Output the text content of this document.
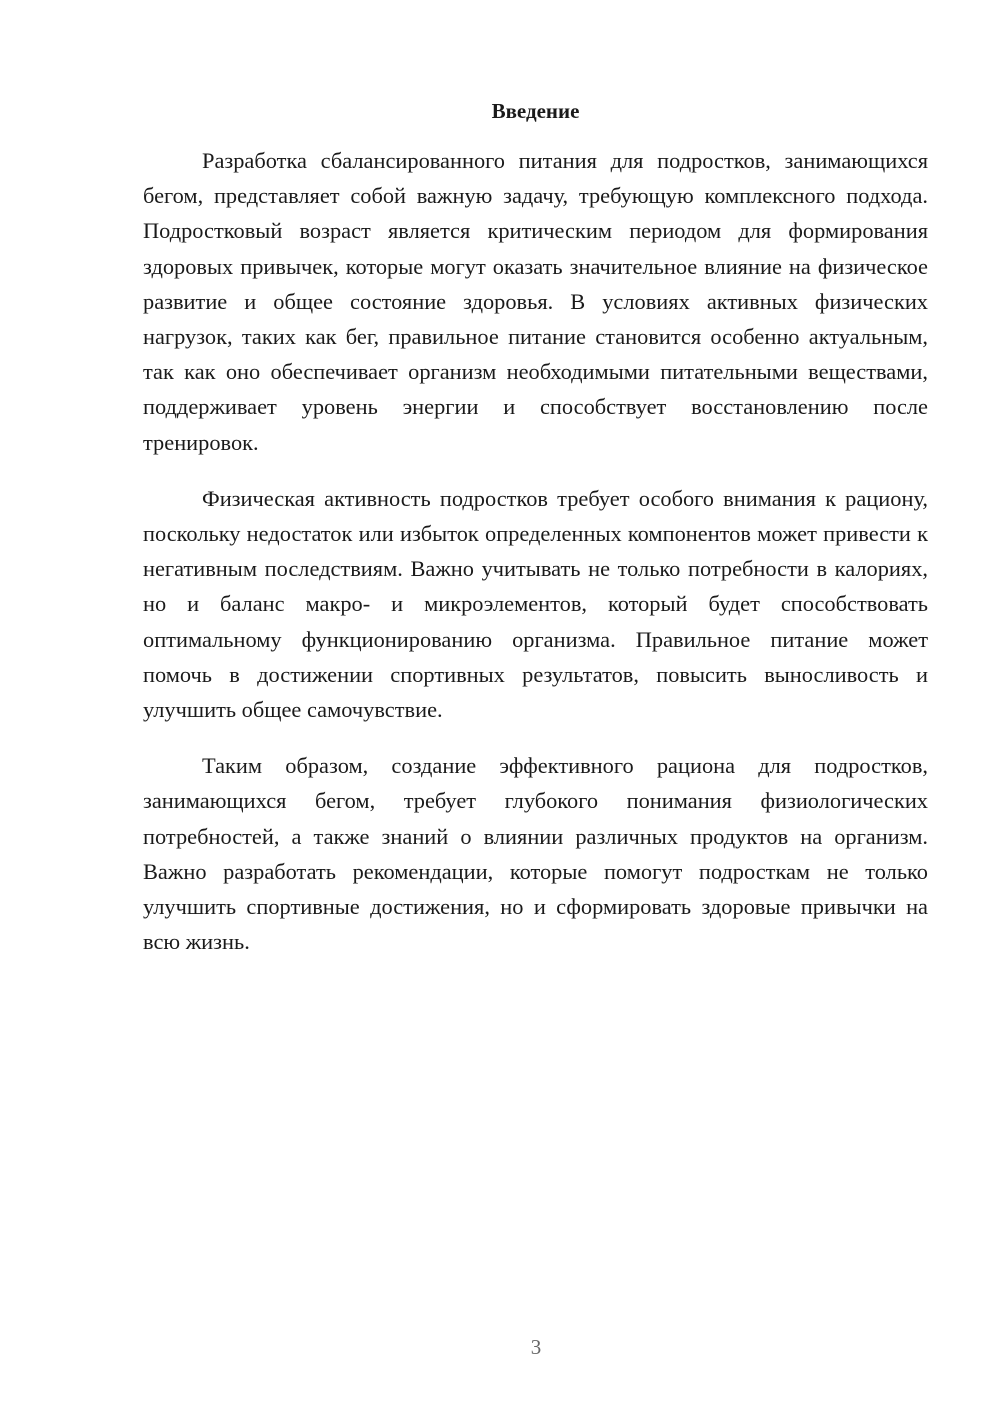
Введение

Разработка сбалансированного питания для подростков, занимающихся бегом, представляет собой важную задачу, требующую комплексного подхода. Подростковый возраст является критическим периодом для формирования здоровых привычек, которые могут оказать значительное влияние на физическое развитие и общее состояние здоровья. В условиях активных физических нагрузок, таких как бег, правильное питание становится особенно актуальным, так как оно обеспечивает организм необходимыми питательными веществами, поддерживает уровень энергии и способствует восстановлению после тренировок.

Физическая активность подростков требует особого внимания к рациону, поскольку недостаток или избыток определенных компонентов может привести к негативным последствиям. Важно учитывать не только потребности в калориях, но и баланс макро- и микроэлементов, который будет способствовать оптимальному функционированию организма. Правильное питание может помочь в достижении спортивных результатов, повысить выносливость и улучшить общее самочувствие.

Таким образом, создание эффективного рациона для подростков, занимающихся бегом, требует глубокого понимания физиологических потребностей, а также знаний о влиянии различных продуктов на организм. Важно разработать рекомендации, которые помогут подросткам не только улучшить спортивные достижения, но и сформировать здоровые привычки на всю жизнь.

3
